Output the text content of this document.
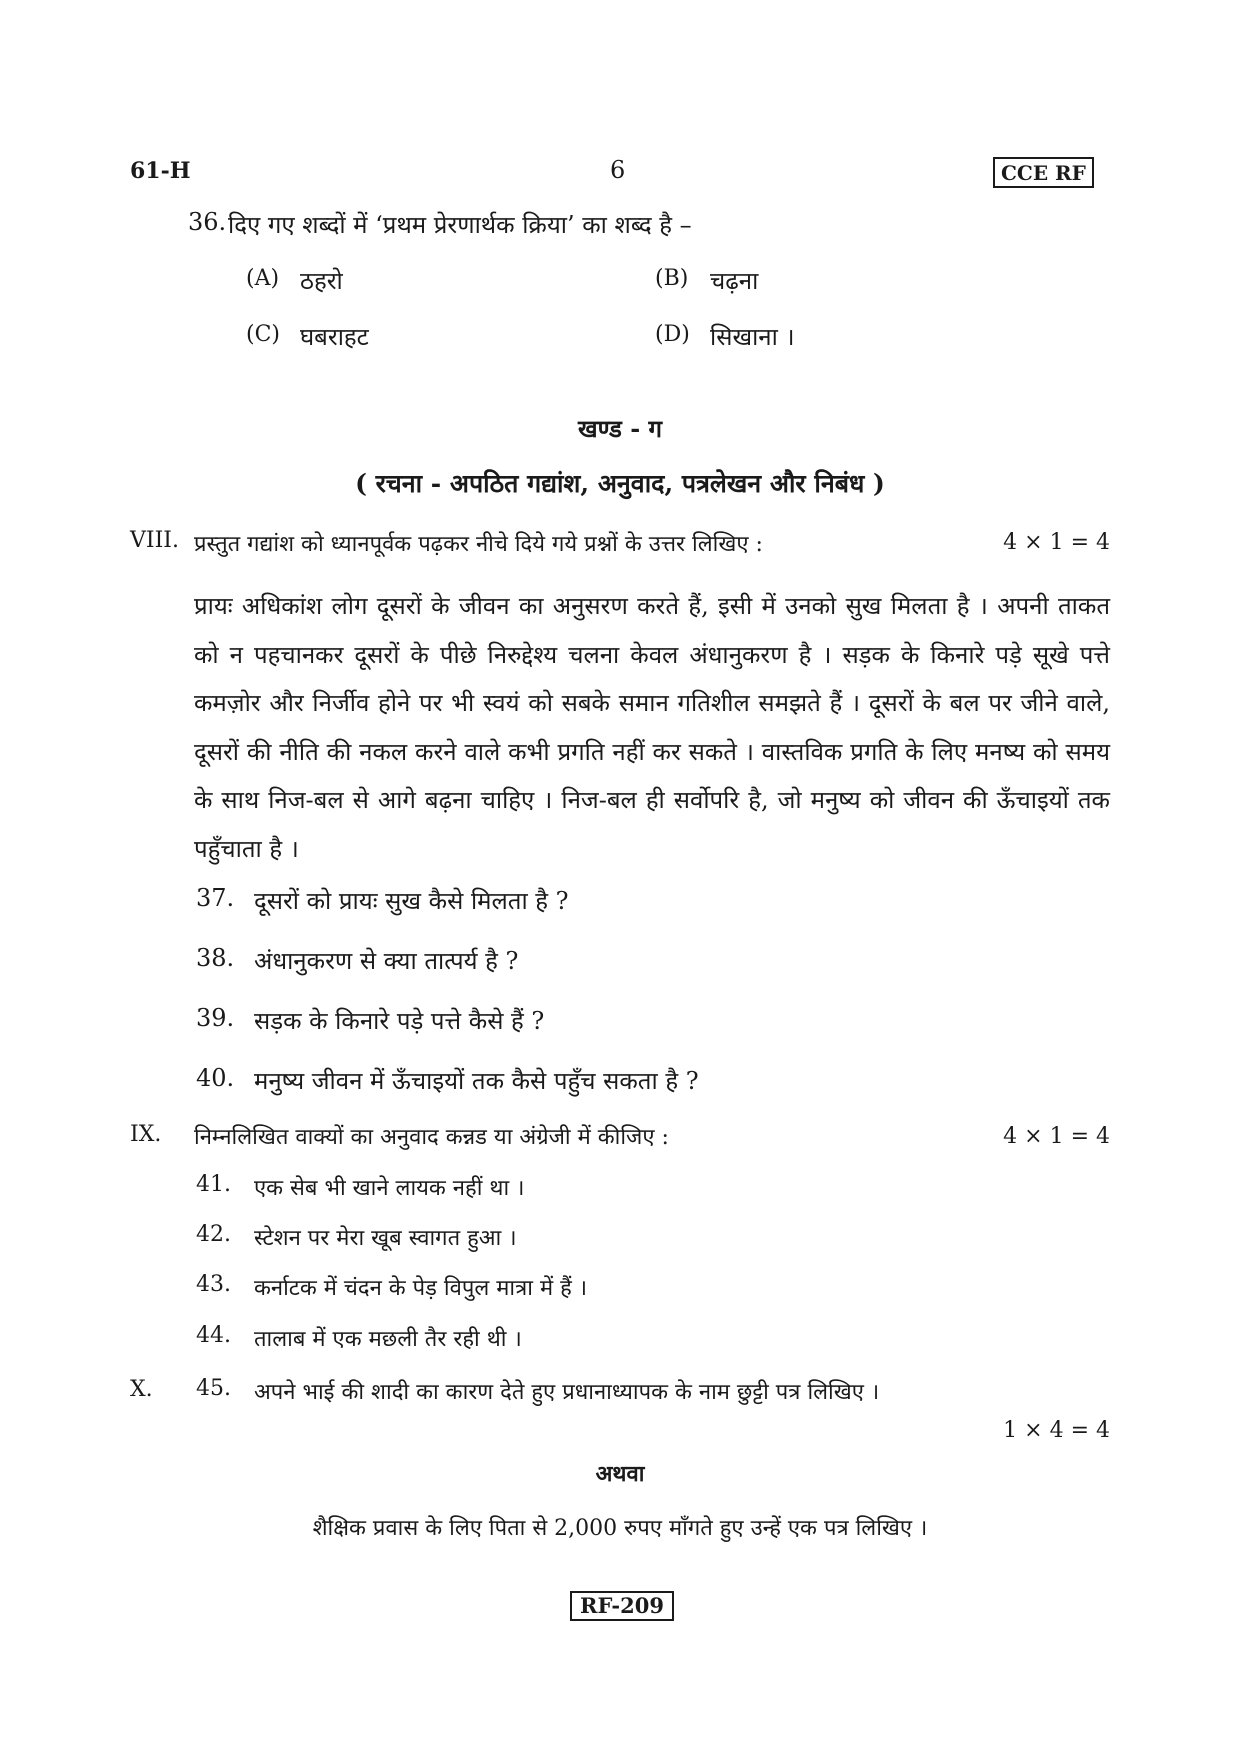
61-H	6	CCE RF
36. दिए गए शब्दों में ‘प्रथम प्रेरणार्थक क्रिया’ का शब्द है –
(A) ठहरो	(B) चढ़ना
(C) घबराहट	(D) सिखाना ।
खण्ड - ग
( रचना - अपठित गद्यांश, अनुवाद, पत्रलेखन और निबंध )
VIII. प्रस्तुत गद्यांश को ध्यानपूर्वक पढ़कर नीचे दिये गये प्रश्नों के उत्तर लिखिए :	4 × 1 = 4
प्रायः अधिकांश लोग दूसरों के जीवन का अनुसरण करते हैं, इसी में उनको सुख मिलता है । अपनी ताकत को न पहचानकर दूसरों के पीछे निरुद्देश्य चलना केवल अंधानुकरण है । सड़क के किनारे पड़े सूखे पत्ते कमज़ोर और निर्जीव होने पर भी स्वयं को सबके समान गतिशील समझते हैं । दूसरों के बल पर जीने वाले, दूसरों की नीति की नकल करने वाले कभी प्रगति नहीं कर सकते । वास्तविक प्रगति के लिए मनष्य को समय के साथ निज-बल से आगे बढ़ना चाहिए । निज-बल ही सर्वोपरि है, जो मनुष्य को जीवन की ऊँचाइयों तक पहुँचाता है ।
37. दूसरों को प्रायः सुख कैसे मिलता है ?
38. अंधानुकरण से क्या तात्पर्य है ?
39. सड़क के किनारे पड़े पत्ते कैसे हैं ?
40. मनुष्य जीवन में ऊँचाइयों तक कैसे पहुँच सकता है ?
IX. निम्नलिखित वाक्यों का अनुवाद कन्नड या अंग्रेजी में कीजिए :	4 × 1 = 4
41. एक सेब भी खाने लायक नहीं था ।
42. स्टेशन पर मेरा खूब स्वागत हुआ ।
43. कर्नाटक में चंदन के पेड़ विपुल मात्रा में हैं ।
44. तालाब में एक मछली तैर रही थी ।
X. 45. अपने भाई की शादी का कारण देते हुए प्रधानाध्यापक के नाम छुट्टी पत्र लिखिए ।
1 × 4 = 4
अथवा
शैक्षिक प्रवास के लिए पिता से 2,000 रुपए माँगते हुए उन्हें एक पत्र लिखिए ।
RF-209
